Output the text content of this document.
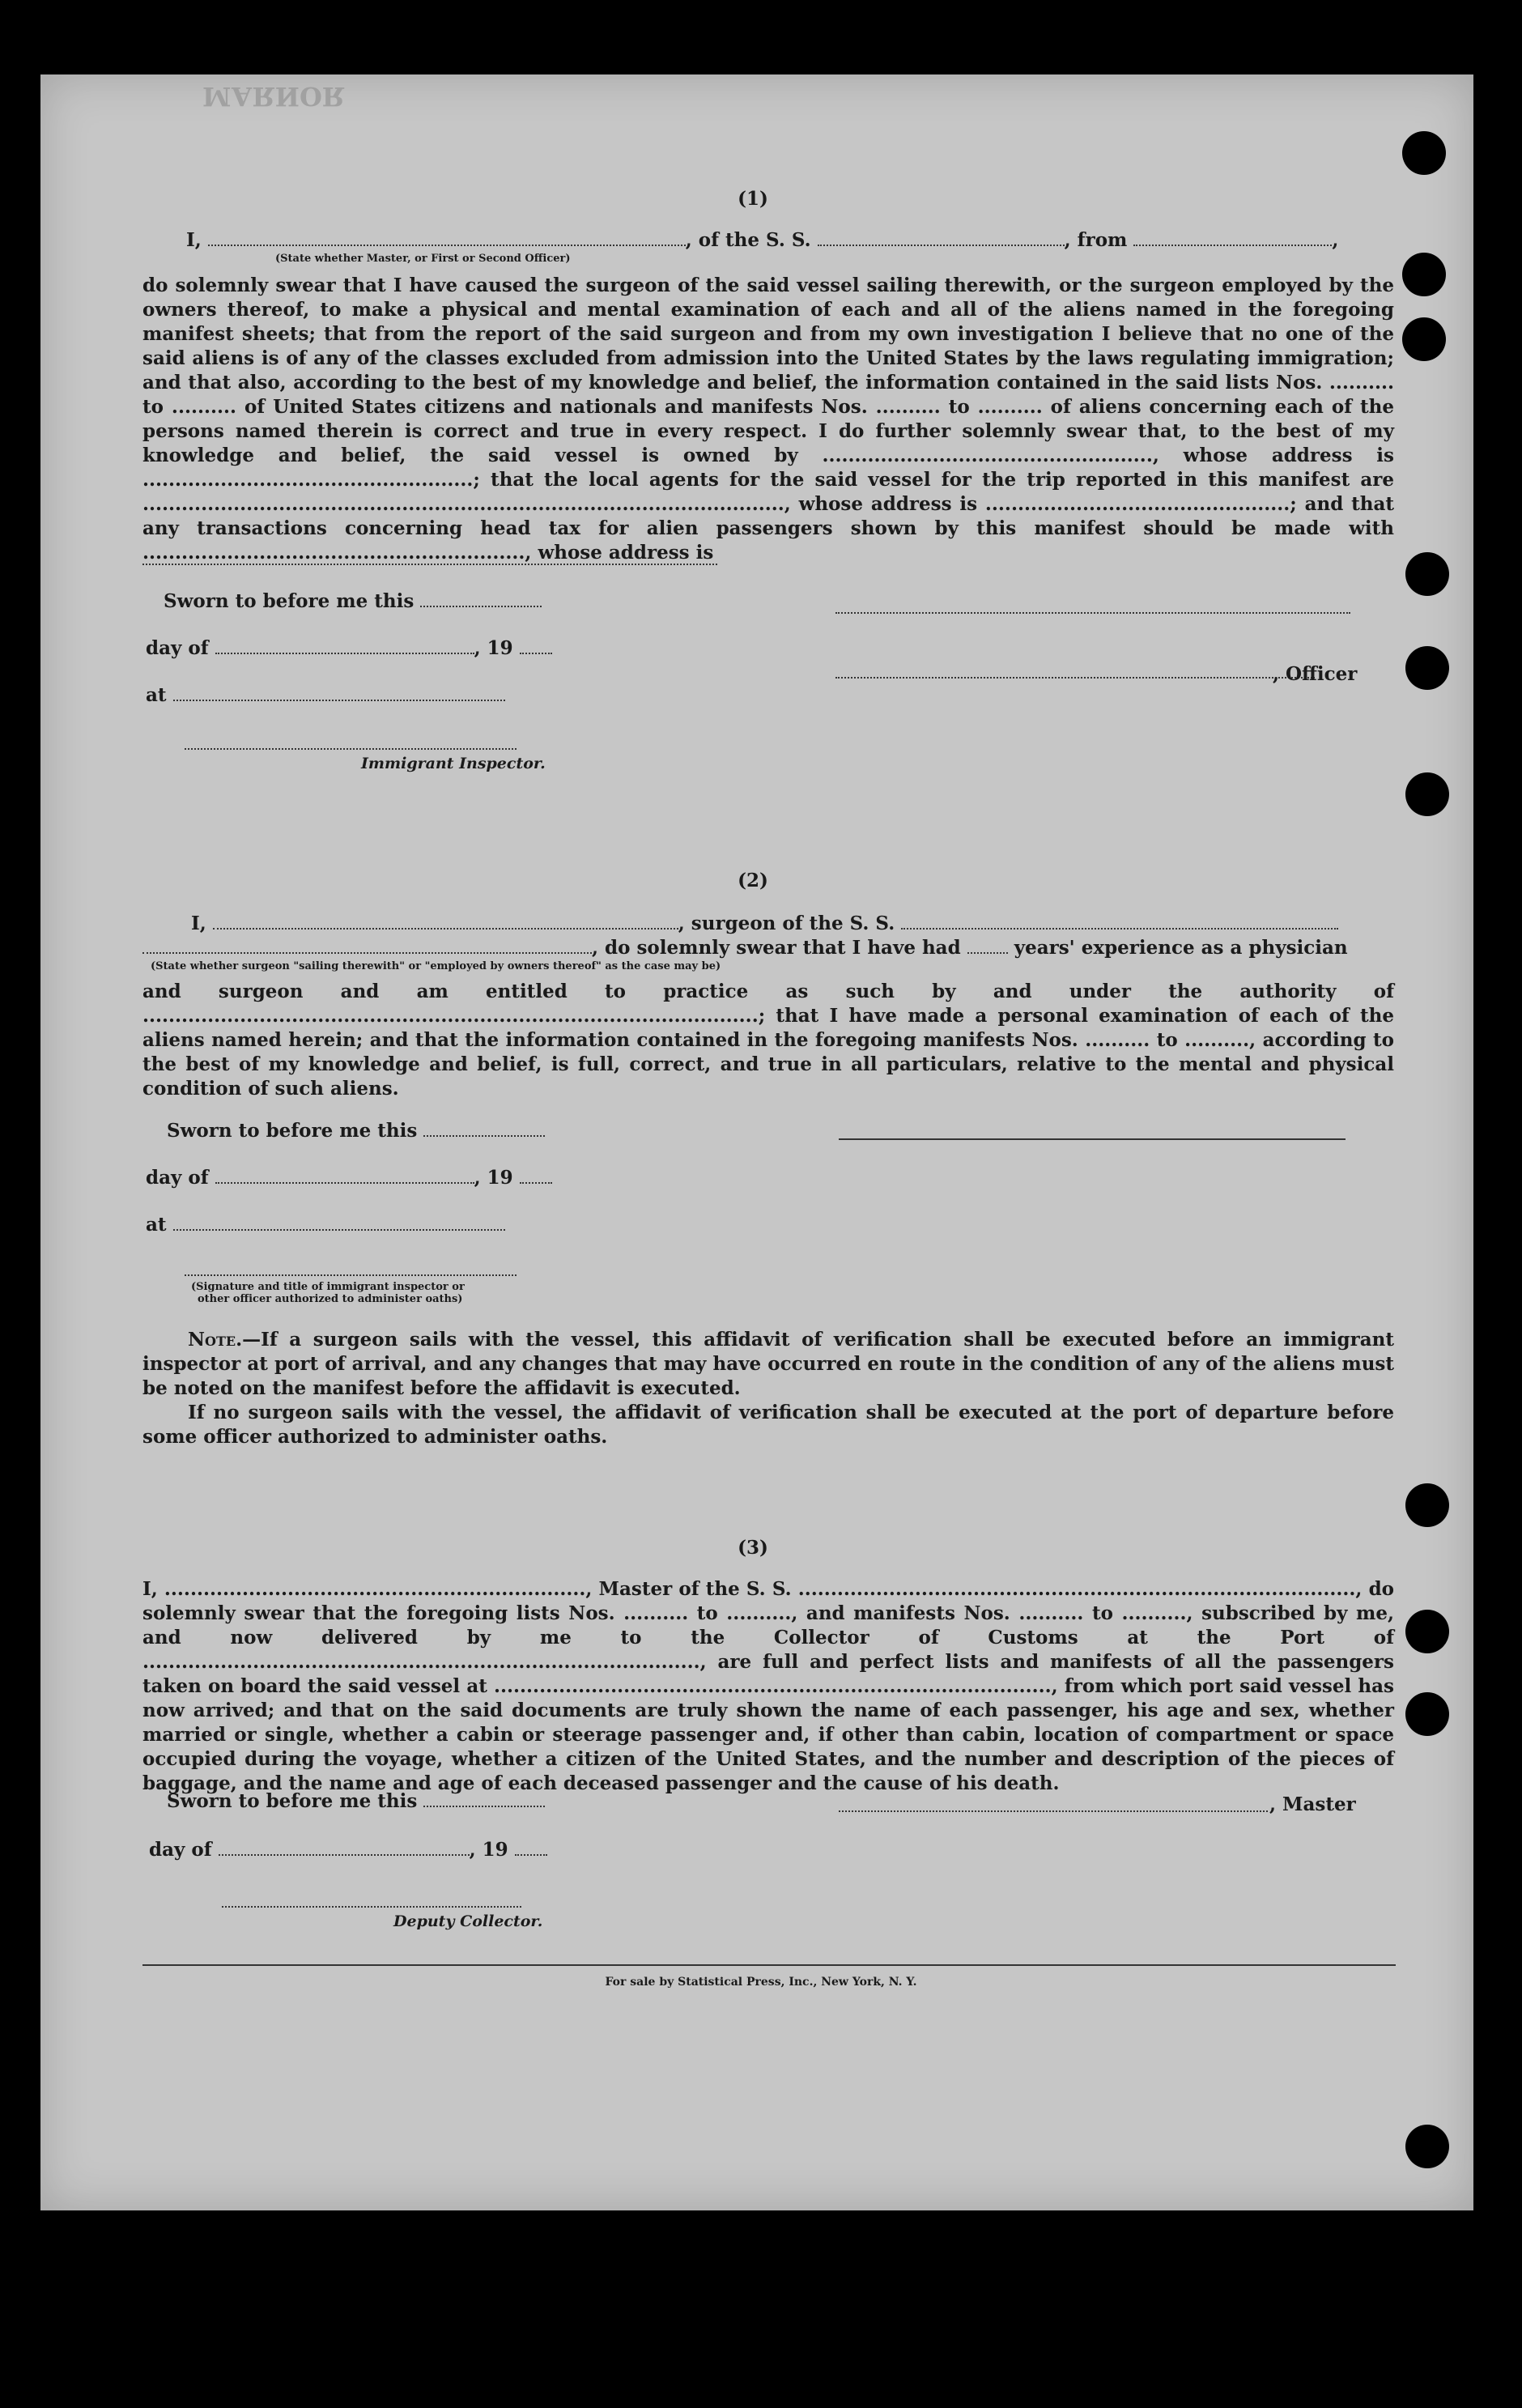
ЯОИЯАМ
(1)
I,	, of the S. S.	, from	,
(State whether Master, or First or Second Officer)
do solemnly swear that I have caused the surgeon of the said vessel sailing therewith, or the surgeon employed by the owners thereof, to make a physical and mental examination of each and all of the aliens named in the foregoing manifest sheets; that from the report of the said surgeon and from my own investigation I believe that no one of the said aliens is of any of the classes excluded from admission into the United States by the laws regulating immigration; and that also, according to the best of my knowledge and belief, the information contained in the said lists Nos. .......... to .......... of United States citizens and nationals and manifests Nos. .......... to .......... of aliens concerning each of the persons named therein is correct and true in every respect. I do further solemnly swear that, to the best of my knowledge and belief, the said vessel is owned by ..................................................., whose address is ...................................................; that the local agents for the said vessel for the trip reported in this manifest are ..................................................................................................., whose address is ...............................................; and that any transactions concerning head tax for alien passengers shown by this manifest should be made with ..........................................................., whose address is
Sworn to before me this
day of	, 19
, Officer
at
Immigrant Inspector.
(2)
I,	, surgeon of the S. S.
, do solemnly swear that I have had	years' experience as a physician
(State whether surgeon "sailing therewith" or "employed by owners thereof" as the case may be)
and surgeon and am entitled to practice as such by and under the authority of ...............................................................................................; that I have made a personal examination of each of the aliens named herein; and that the information contained in the foregoing manifests Nos. .......... to .........., according to the best of my knowledge and belief, is full, correct, and true in all particulars, relative to the mental and physical condition of such aliens.
Sworn to before me this
day of	, 19
at
(Signature and title of immigrant inspector or
other officer authorized to administer oaths)

Note.—If a surgeon sails with the vessel, this affidavit of verification shall be executed before an immigrant inspector at port of arrival, and any changes that may have occurred en route in the condition of any of the aliens must be noted on the manifest before the affidavit is executed.

If no surgeon sails with the vessel, the affidavit of verification shall be executed at the port of departure before some officer authorized to administer oaths.

(3)
I, ................................................................., Master of the S. S. ......................................................................................, do solemnly swear that the foregoing lists Nos. .......... to .........., and manifests Nos. .......... to .........., subscribed by me, and now delivered by me to the Collector of Customs at the Port of ......................................................................................, are full and perfect lists and manifests of all the passengers taken on board the said vessel at ......................................................................................, from which port said vessel has now arrived; and that on the said documents are truly shown the name of each passenger, his age and sex, whether married or single, whether a cabin or steerage passenger and, if other than cabin, location of compartment or space occupied during the voyage, whether a citizen of the United States, and the number and description of the pieces of baggage, and the name and age of each deceased passenger and the cause of his death.
Sworn to before me this	, Master
day of	, 19
Deputy Collector.
For sale by Statistical Press, Inc., New York, N. Y.
